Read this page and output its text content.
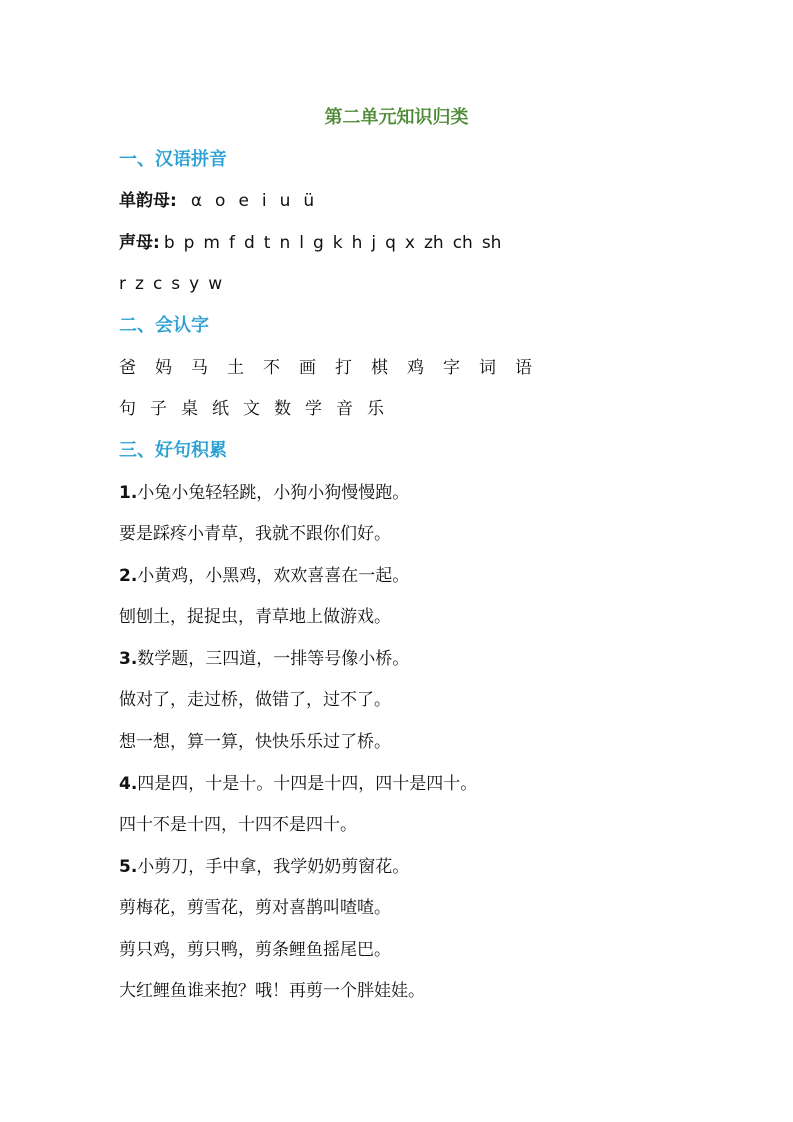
第二单元知识归类
一、汉语拼音
单韵母: α o e i u ü
声母: b p m f d t n l g k h j q x zh ch sh
r z c s y w
二、会认字
爸 妈 马 土 不 画 打 棋 鸡 字 词 语
句 子 桌 纸 文 数 学 音 乐
三、好句积累
1.小兔小兔轻轻跳，小狗小狗慢慢跑。
要是踩疼小青草，我就不跟你们好。
2.小黄鸡，小黑鸡，欢欢喜喜在一起。
刨刨土，捉捉虫，青草地上做游戏。
3.数学题，三四道，一排等号像小桥。
做对了，走过桥，做错了，过不了。
想一想，算一算，快快乐乐过了桥。
4.四是四，十是十。十四是十四，四十是四十。
四十不是十四，十四不是四十。
5.小剪刀，手中拿，我学奶奶剪窗花。
剪梅花，剪雪花，剪对喜鹊叫喳喳。
剪只鸡，剪只鸭，剪条鲤鱼摇尾巴。
大红鲤鱼谁来抱？哦！再剪一个胖娃娃。
